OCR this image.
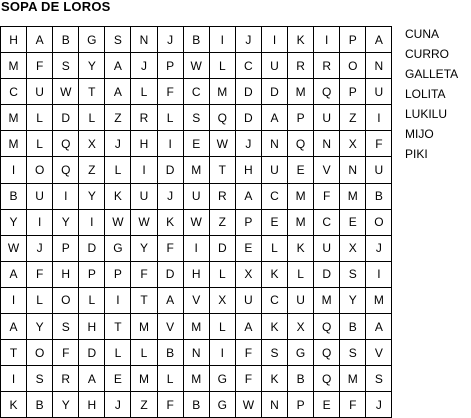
SOPA DE LOROS
H	A	B	G	S	N	J	B	I	J	I	K	I	P	A
M	F	S	Y	A	J	P	W	L	C	U	R	R	O	N
C	U	W	T	A	L	F	C	M	D	D	M	Q	P	U
M	L	D	L	Z	R	L	S	Q	D	A	P	U	Z	I
M	L	Q	X	J	H	I	E	W	J	N	Q	N	X	F
I	O	Q	Z	L	I	D	M	T	H	U	E	V	N	U
B	U	I	Y	K	U	J	U	R	A	C	M	F	M	B
Y	I	Y	I	W	W	K	W	Z	P	E	M	C	E	O
W	J	P	D	G	Y	F	I	D	E	L	K	U	X	J
A	F	H	P	P	F	D	H	L	X	K	L	D	S	I
I	L	O	L	I	T	A	V	X	U	C	U	M	Y	M
A	Y	S	H	T	M	V	M	L	A	K	X	Q	B	A
T	O	F	D	L	L	B	N	I	F	S	G	Q	S	V
I	S	R	A	E	M	L	M	G	F	K	B	Q	M	S
K	B	Y	H	J	Z	F	B	G	W	N	P	E	F	J
CUNA
CURRO
GALLETA
LOLITA
LUKILU
MIJO
PIKI
